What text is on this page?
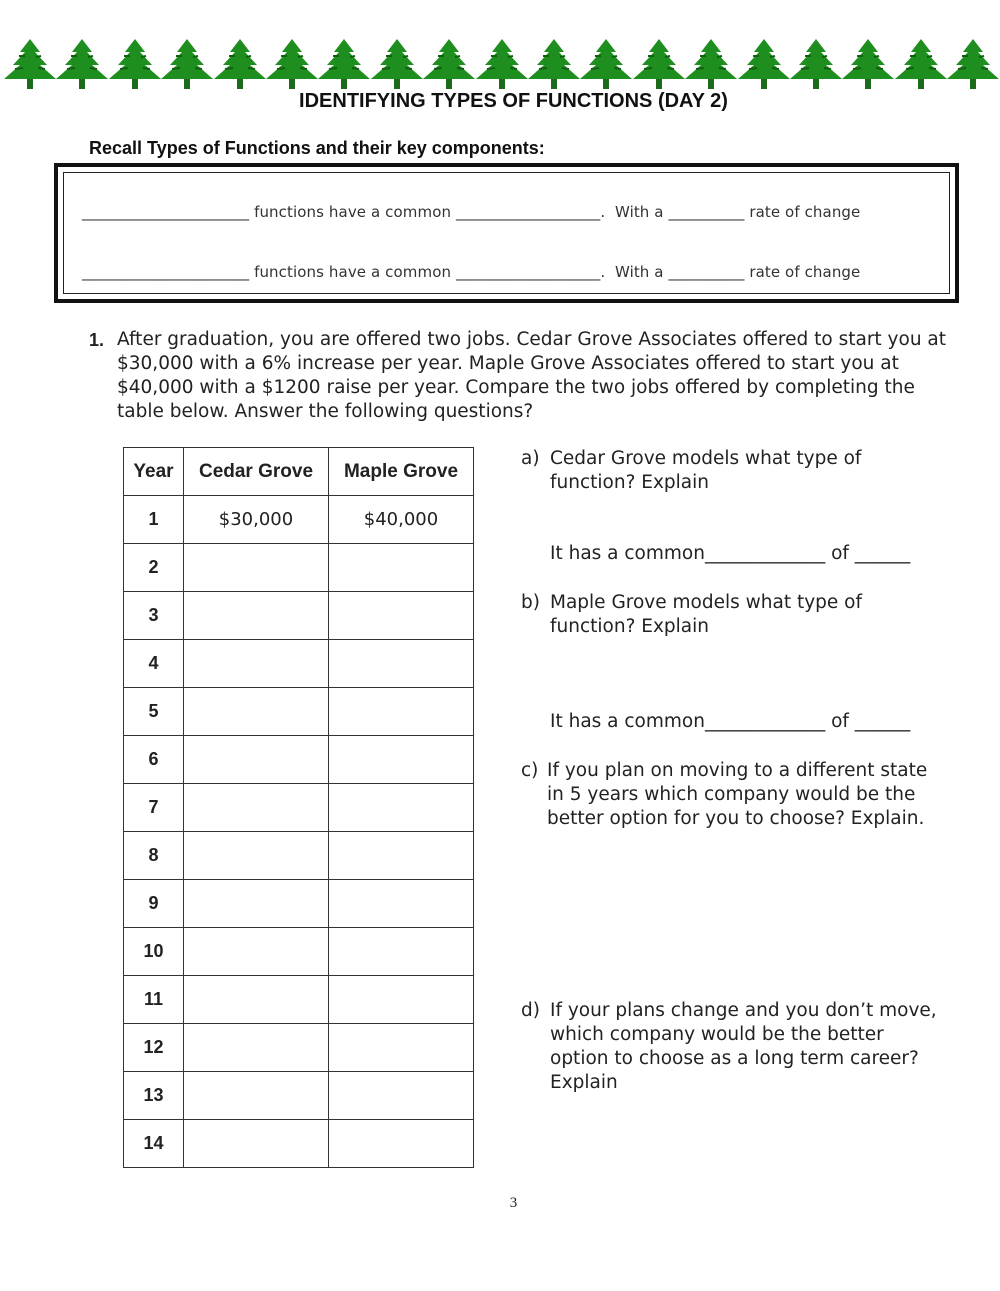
IDENTIFYING TYPES OF FUNCTIONS (DAY 2)
Recall Types of Functions and their key components:
______________________ functions have a common ___________________.  With a __________ rate of change
______________________ functions have a common ___________________.  With a __________ rate of change
1. After graduation, you are offered two jobs. Cedar Grove Associates offered to start you at $30,000 with a 6% increase per year. Maple Grove Associates offered to start you at $40,000 with a $1200 raise per year. Compare the two jobs offered by completing the table below. Answer the following questions?
Year	Cedar Grove	Maple Grove
1	$30,000	$40,000
2		
3		
4		
5		
6		
7		
8		
9		
10		
11		
12		
13		
14		
a) Cedar Grove models what type of function? Explain
It has a common_____________ of ______
b) Maple Grove models what type of function? Explain
It has a common_____________ of ______
c) If you plan on moving to a different state in 5 years which company would be the better option for you to choose? Explain.
d) If your plans change and you don’t move, which company would be the better option to choose as a long term career? Explain
3
